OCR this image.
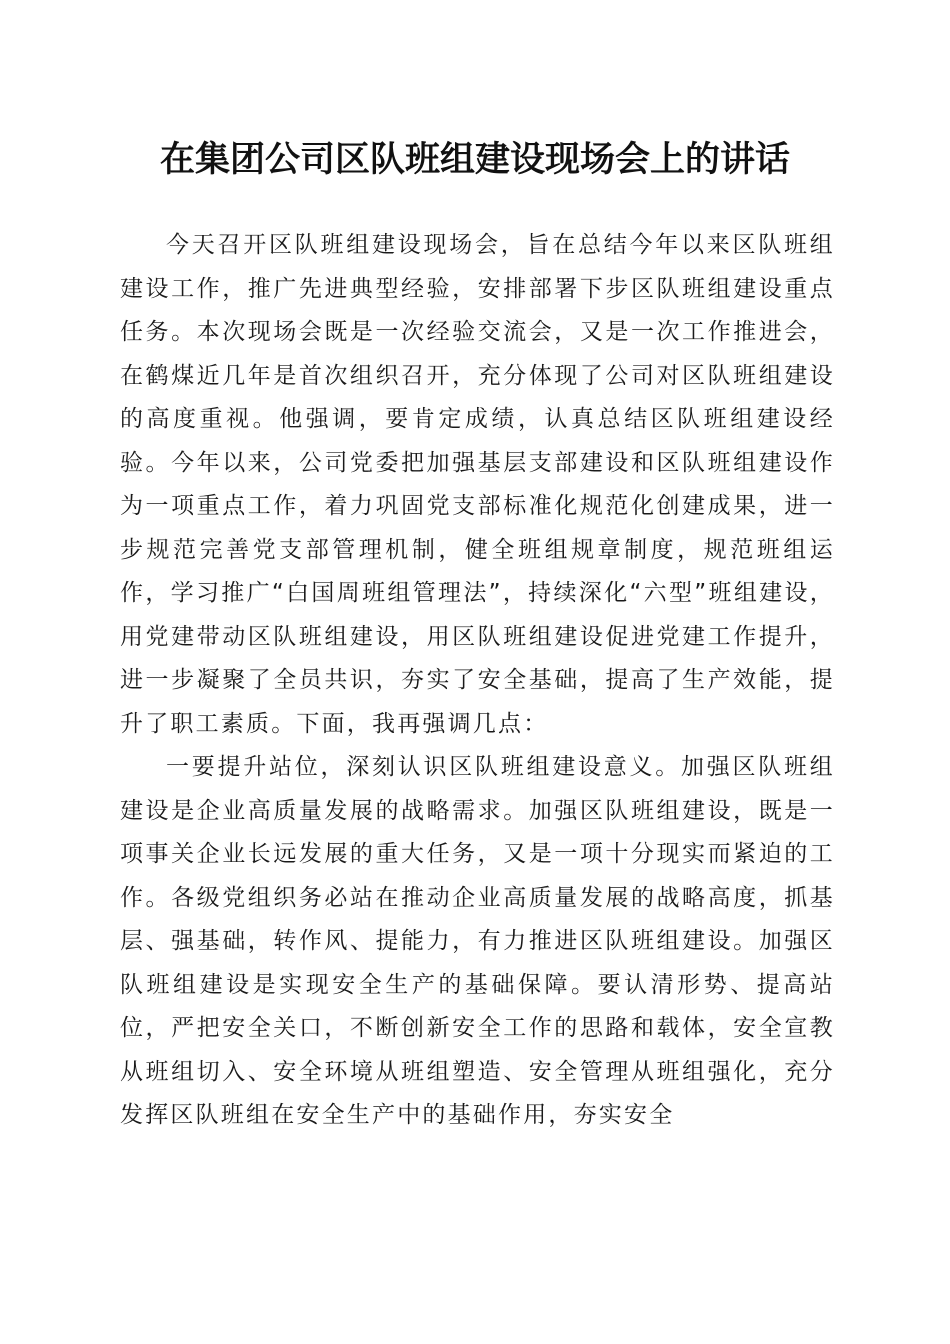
在集团公司区队班组建设现场会上的讲话

今天召开区队班组建设现场会，旨在总结今年以来区队班组建设工作，推广先进典型经验，安排部署下步区队班组建设重点任务。本次现场会既是一次经验交流会，又是一次工作推进会，在鹤煤近几年是首次组织召开，充分体现了公司对区队班组建设的高度重视。他强调，要肯定成绩，认真总结区队班组建设经验。今年以来，公司党委把加强基层支部建设和区队班组建设作为一项重点工作，着力巩固党支部标准化规范化创建成果，进一步规范完善党支部管理机制，健全班组规章制度，规范班组运作，学习推广“白国周班组管理法”，持续深化“六型”班组建设，用党建带动区队班组建设，用区队班组建设促进党建工作提升，进一步凝聚了全员共识，夯实了安全基础，提高了生产效能，提升了职工素质。下面，我再强调几点：

一要提升站位，深刻认识区队班组建设意义。加强区队班组建设是企业高质量发展的战略需求。加强区队班组建设，既是一项事关企业长远发展的重大任务，又是一项十分现实而紧迫的工作。各级党组织务必站在推动企业高质量发展的战略高度，抓基层、强基础，转作风、提能力，有力推进区队班组建设。加强区队班组建设是实现安全生产的基础保障。要认清形势、提高站位，严把安全关口，不断创新安全工作的思路和载体，安全宣教从班组切入、安全环境从班组塑造、安全管理从班组强化，充分发挥区队班组在安全生产中的基础作用，夯实安全
